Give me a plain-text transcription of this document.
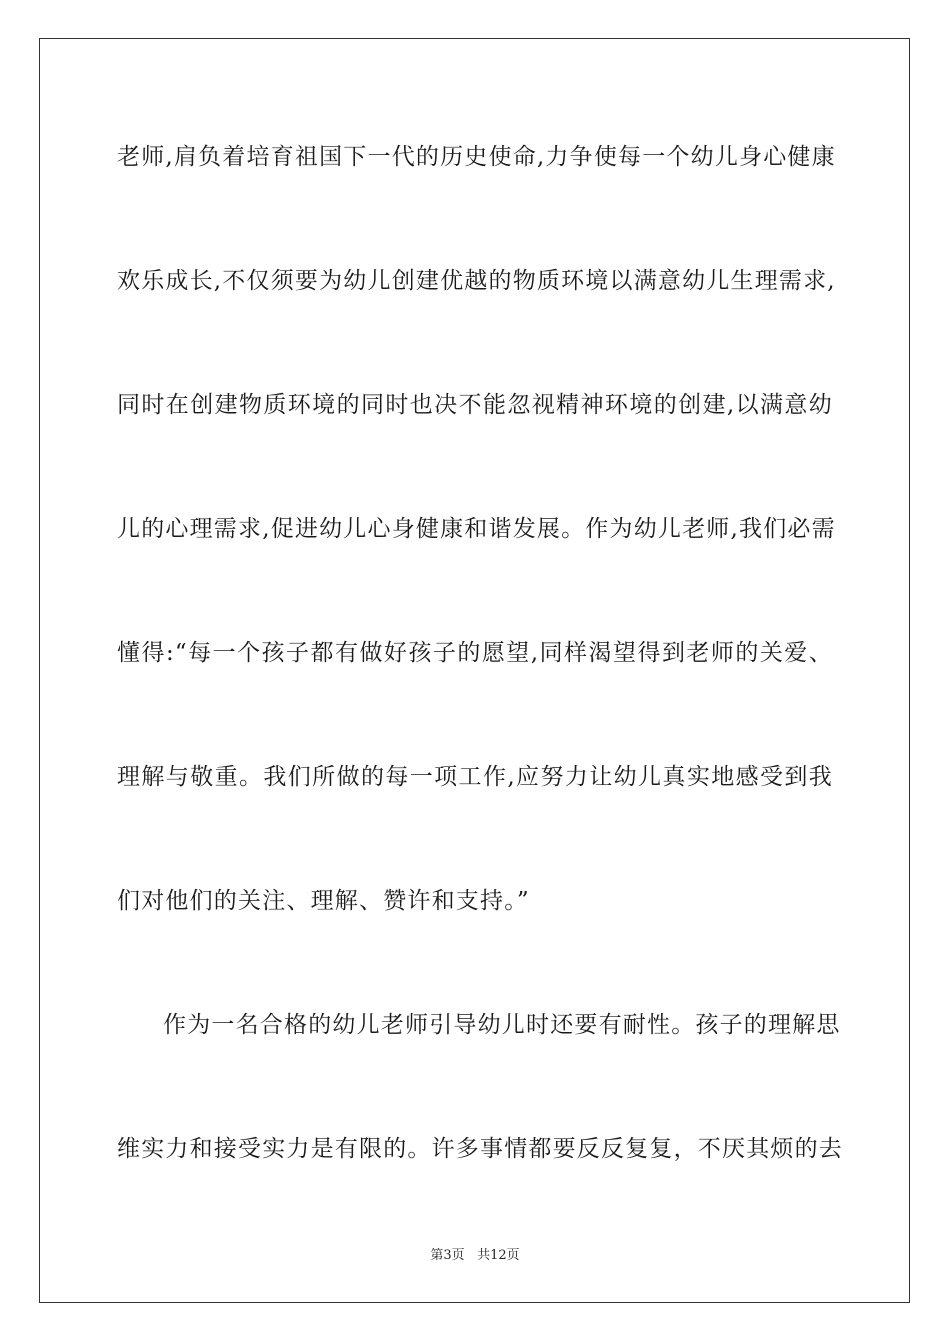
老师,肩负着培育祖国下一代的历史使命,力争使每一个幼儿身心健康
欢乐成长,不仅须要为幼儿创建优越的物质环境以满意幼儿生理需求,
同时在创建物质环境的同时也决不能忽视精神环境的创建,以满意幼
儿的心理需求,促进幼儿心身健康和谐发展。作为幼儿老师,我们必需
懂得:“每一个孩子都有做好孩子的愿望,同样渴望得到老师的关爱、
理解与敬重。我们所做的每一项工作,应努力让幼儿真实地感受到我
们对他们的关注、理解、赞许和支持。”
作为一名合格的幼儿老师引导幼儿时还要有耐性。孩子的理解思
维实力和接受实力是有限的。许多事情都要反反复复，不厌其烦的去
第3页 共12页
